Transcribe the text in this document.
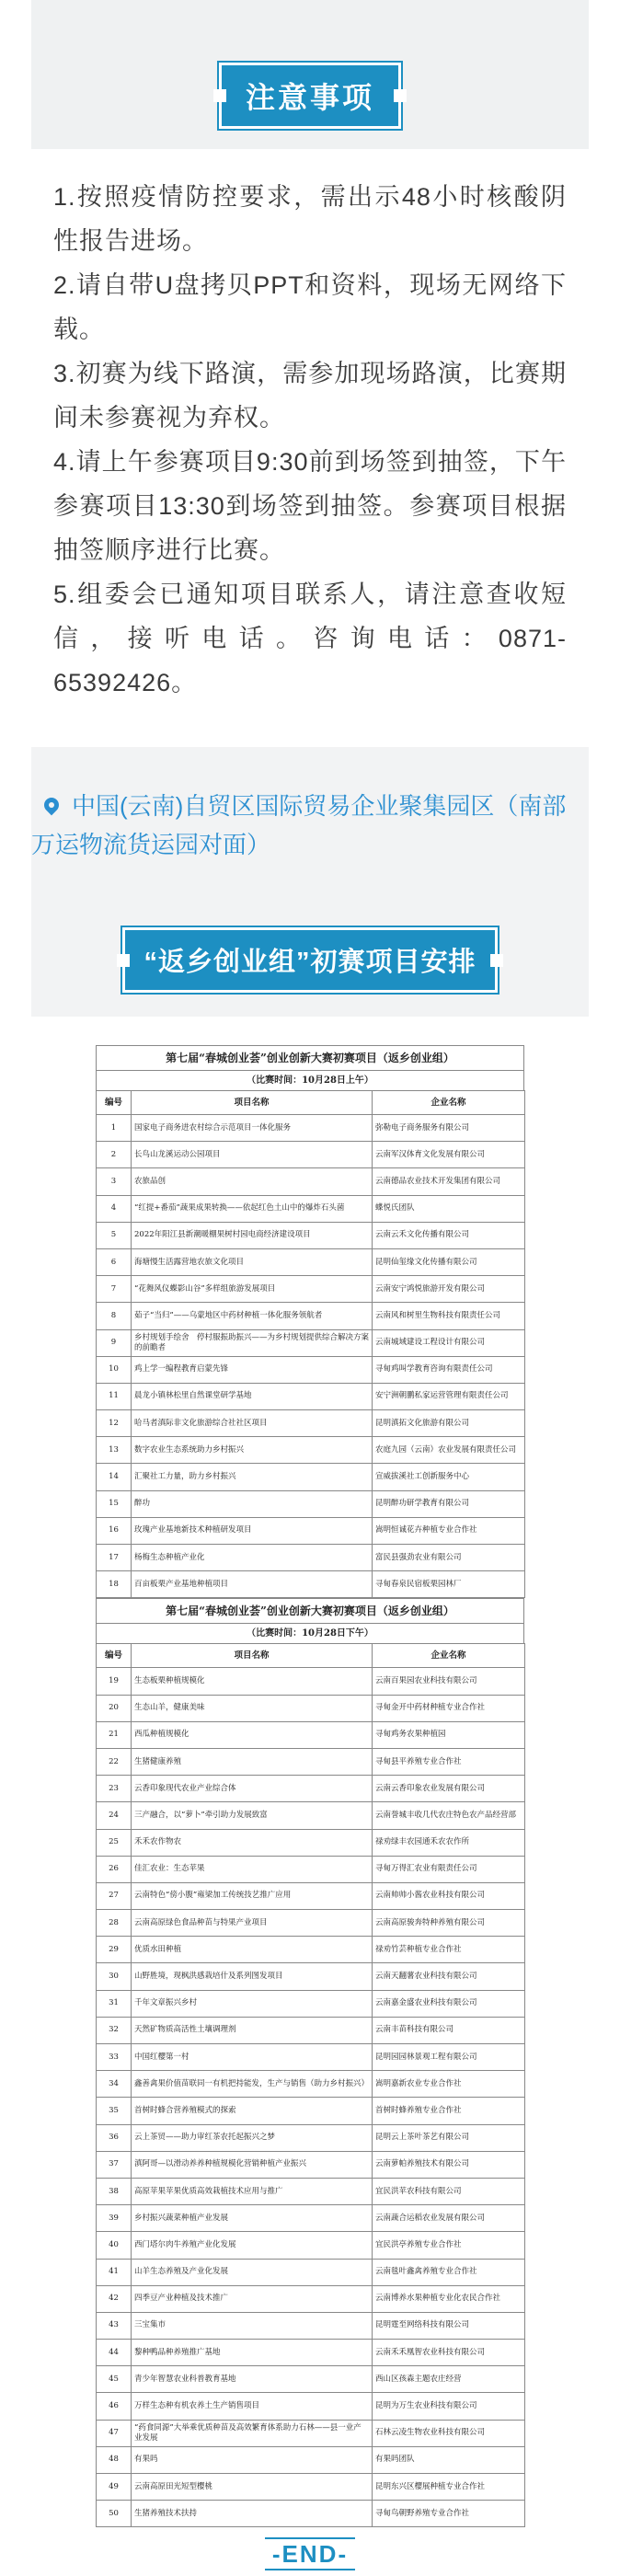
注意事项

1.按照疫情防控要求，需出示48小时核酸阴性报告进场。

2.请自带U盘拷贝PPT和资料，现场无网络下载。

3.初赛为线下路演，需参加现场路演，比赛期间未参赛视为弃权。

4.请上午参赛项目9:30前到场签到抽签，下午参赛项目13:30到场签到抽签。参赛项目根据抽签顺序进行比赛。

5.组委会已通知项目联系人，请注意查收短信，接听电话。咨询电话：0871-65392426。

中国(云南)自贸区国际贸易企业聚集园区（南部万运物流货运园对面）
“返乡创业组”初赛项目安排
第七届“春城创业荟”创业创新大赛初赛项目（返乡创业组）
（比赛时间：10月28日上午）
编号	项目名称	企业名称
1	国家电子商务进农村综合示范项目一体化服务	弥勒电子商务服务有限公司
2	长鸟山龙溪运动公园项目	云南军汉体育文化发展有限公司
3	农旅品创	云南德品农业技术开发集团有限公司
4	“红提+番茄”蔬果成果转换——依起红色土山中的爆炸石头菌	蝶悦氏团队
5	2022年阳江县新潮暖棚果树村园电商经济建设项目	云南云禾文化传播有限公司
6	海塘慢生活露营地农旅文化项目	昆明仙玺缘文化传播有限公司
7	“花舞风仪蝶影山谷”多样组旅游发展项目	云南安宁鸿悦旅游开发有限公司
8	茹子“当归”——乌蒙地区中药材种植一体化服务领航者	云南风和树里生物科技有限责任公司
9	乡村规划手绘舍　停村服振助振兴——为乡村规划提供综合解决方案的前瞻者	云南城域建设工程设计有限公司
10	鸡上学一编程教育启蒙先锋	寻甸鸡叫学教育咨询有限责任公司
11	晨龙小镇林松里自然课堂研学基地	安宁洲朝鹏私家运营管理有限责任公司
12	哈马者滇际非文化旅游综合社社区项目	昆明滇拓文化旅游有限公司
13	数字农业生态系统助力乡村振兴	农庭九园（云南）农业发展有限责任公司
14	汇聚社工力量，助力乡村振兴	宣威拔溪社工创新服务中心
15	醉功	昆明醉功研学教育有限公司
16	玫瑰产业基地新技术种植研发项目	嵩明恒诚花卉种植专业合作社
17	杨梅生态种植产业化	富民县强劲农业有限公司
18	百亩板栗产业基地种植项目	寻甸春泉民宿板栗园林厂
第七届“春城创业荟”创业创新大赛初赛项目（返乡创业组）
（比赛时间：10月28日下午）
编号	项目名称	企业名称
19	生态板栗种植规模化	云南百果园农业科技有限公司
20	生态山羊，健康美味	寻甸金开中药材种植专业合作社
21	西瓜种植规模化	寻甸鸡务农果种植园
22	生猪健康养殖	寻甸县平养殖专业合作社
23	云香印象现代农业产业综合体	云南云香印象农业发展有限公司
24	三产融合，以“萝卜”牵引助力发展致富	云南誉城丰收几代农庄特色农产品经营部
25	禾禾农作物农	禄劝绿丰农园通禾农农作所
26	佳汇农业：生态苹果	寻甸万得汇农业有限责任公司
27	云南特色“傍小腹”雍梁加工传统技艺推广应用	云南帅帅小酱农业科技有限公司
28	云南高原绿色食品种苗与特果产业项目	云南高原骏奔特种养殖有限公司
29	优质水田种植	禄劝竹芸种植专业合作社
30	山野胜境，现枫洪感栽培什及系列图发项目	云南天翻薯农业科技有限公司
31	千年文章振兴乡村	云南嘉金盛农业科技有限公司
32	天然矿物质高活性土壤调理剂	云南丰苗科技有限公司
33	中国红樱第一村	昆明园园林景观工程有限公司
34	鑫善禽果价值苗联同一有机把持能发，生产与销售（助力乡村振兴）	嵩明嘉新农业专业合作社
35	首树时蜂合营养殖模式的探索	首树时蜂养殖专业合作社
36	云上茶贸——助力审红茶农托起振兴之梦	昆明云上茶叶茶艺有限公司
37	滇阿哥—以滑动养养种植规模化营销种植产业振兴	云南萝帕养殖技术有限公司
38	高原苹果苹果优质高效栽植技术应用与推广	宜民洪苹农科技有限公司
39	乡村振兴蔬菜种植产业发展	云南蔬合运稻农业发展有限公司
40	西门塔尔肉牛养殖产业化发展	宜民洪亭养殖专业合作社
41	山羊生态养殖及产业化发展	云南毯叶鑫禽养殖专业合作社
42	四季豆产业种植及技术推广	云南博养水果种植专业化农民合作社
43	三宝集市	昆明霆至网络科技有限公司
44	黎种鸭品种养殖推广基地	云南禾禾凰智农业科技有限公司
45	青少年智慧农业科普教育基地	西山区孩森主题农庄经营
46	万样生态种有机农养土生产销售项目	昆明为万生农业科技有限公司
47	“药食同源”大举乘优质种苗及高效繁育体系助力石林——县一业产业发展	石林云凌生物农业科技有限公司
48	有果吗	有果吗团队
49	云南高原田光短型樱桃	昆明东兴区樱展种植专业合作社
50	生猪养殖技术扶持	寻甸鸟朝野养殖专业合作社
-END-
